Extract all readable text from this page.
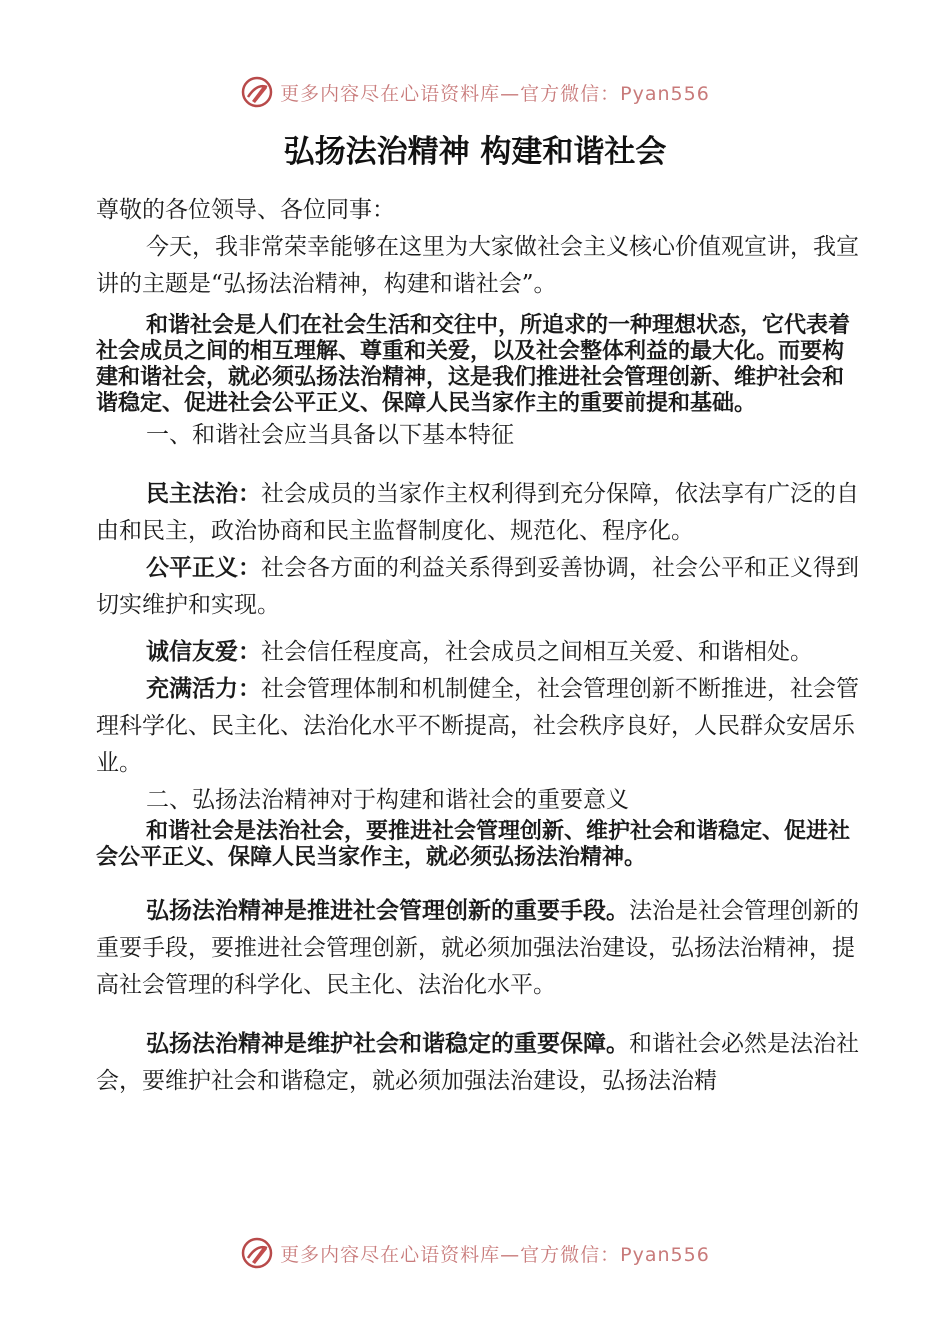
更多内容尽在心语资料库—官方微信：Pyan556
弘扬法治精神 构建和谐社会

尊敬的各位领导、各位同事：

今天，我非常荣幸能够在这里为大家做社会主义核心价值观宣讲，我宣讲的主题是“弘扬法治精神，构建和谐社会”。

和谐社会是人们在社会生活和交往中，所追求的一种理想状态，它代表着社会成员之间的相互理解、尊重和关爱，以及社会整体利益的最大化。而要构建和谐社会，就必须弘扬法治精神，这是我们推进社会管理创新、维护社会和谐稳定、促进社会公平正义、保障人民当家作主的重要前提和基础。

一、和谐社会应当具备以下基本特征

民主法治：社会成员的当家作主权利得到充分保障，依法享有广泛的自由和民主，政治协商和民主监督制度化、规范化、程序化。

公平正义：社会各方面的利益关系得到妥善协调，社会公平和正义得到切实维护和实现。

诚信友爱：社会信任程度高，社会成员之间相互关爱、和谐相处。

充满活力：社会管理体制和机制健全，社会管理创新不断推进，社会管理科学化、民主化、法治化水平不断提高，社会秩序良好，人民群众安居乐业。

二、弘扬法治精神对于构建和谐社会的重要意义

和谐社会是法治社会，要推进社会管理创新、维护社会和谐稳定、促进社会公平正义、保障人民当家作主，就必须弘扬法治精神。

弘扬法治精神是推进社会管理创新的重要手段。法治是社会管理创新的重要手段，要推进社会管理创新，就必须加强法治建设，弘扬法治精神，提高社会管理的科学化、民主化、法治化水平。

弘扬法治精神是维护社会和谐稳定的重要保障。和谐社会必然是法治社会，要维护社会和谐稳定，就必须加强法治建设，弘扬法治精

更多内容尽在心语资料库—官方微信：Pyan556
